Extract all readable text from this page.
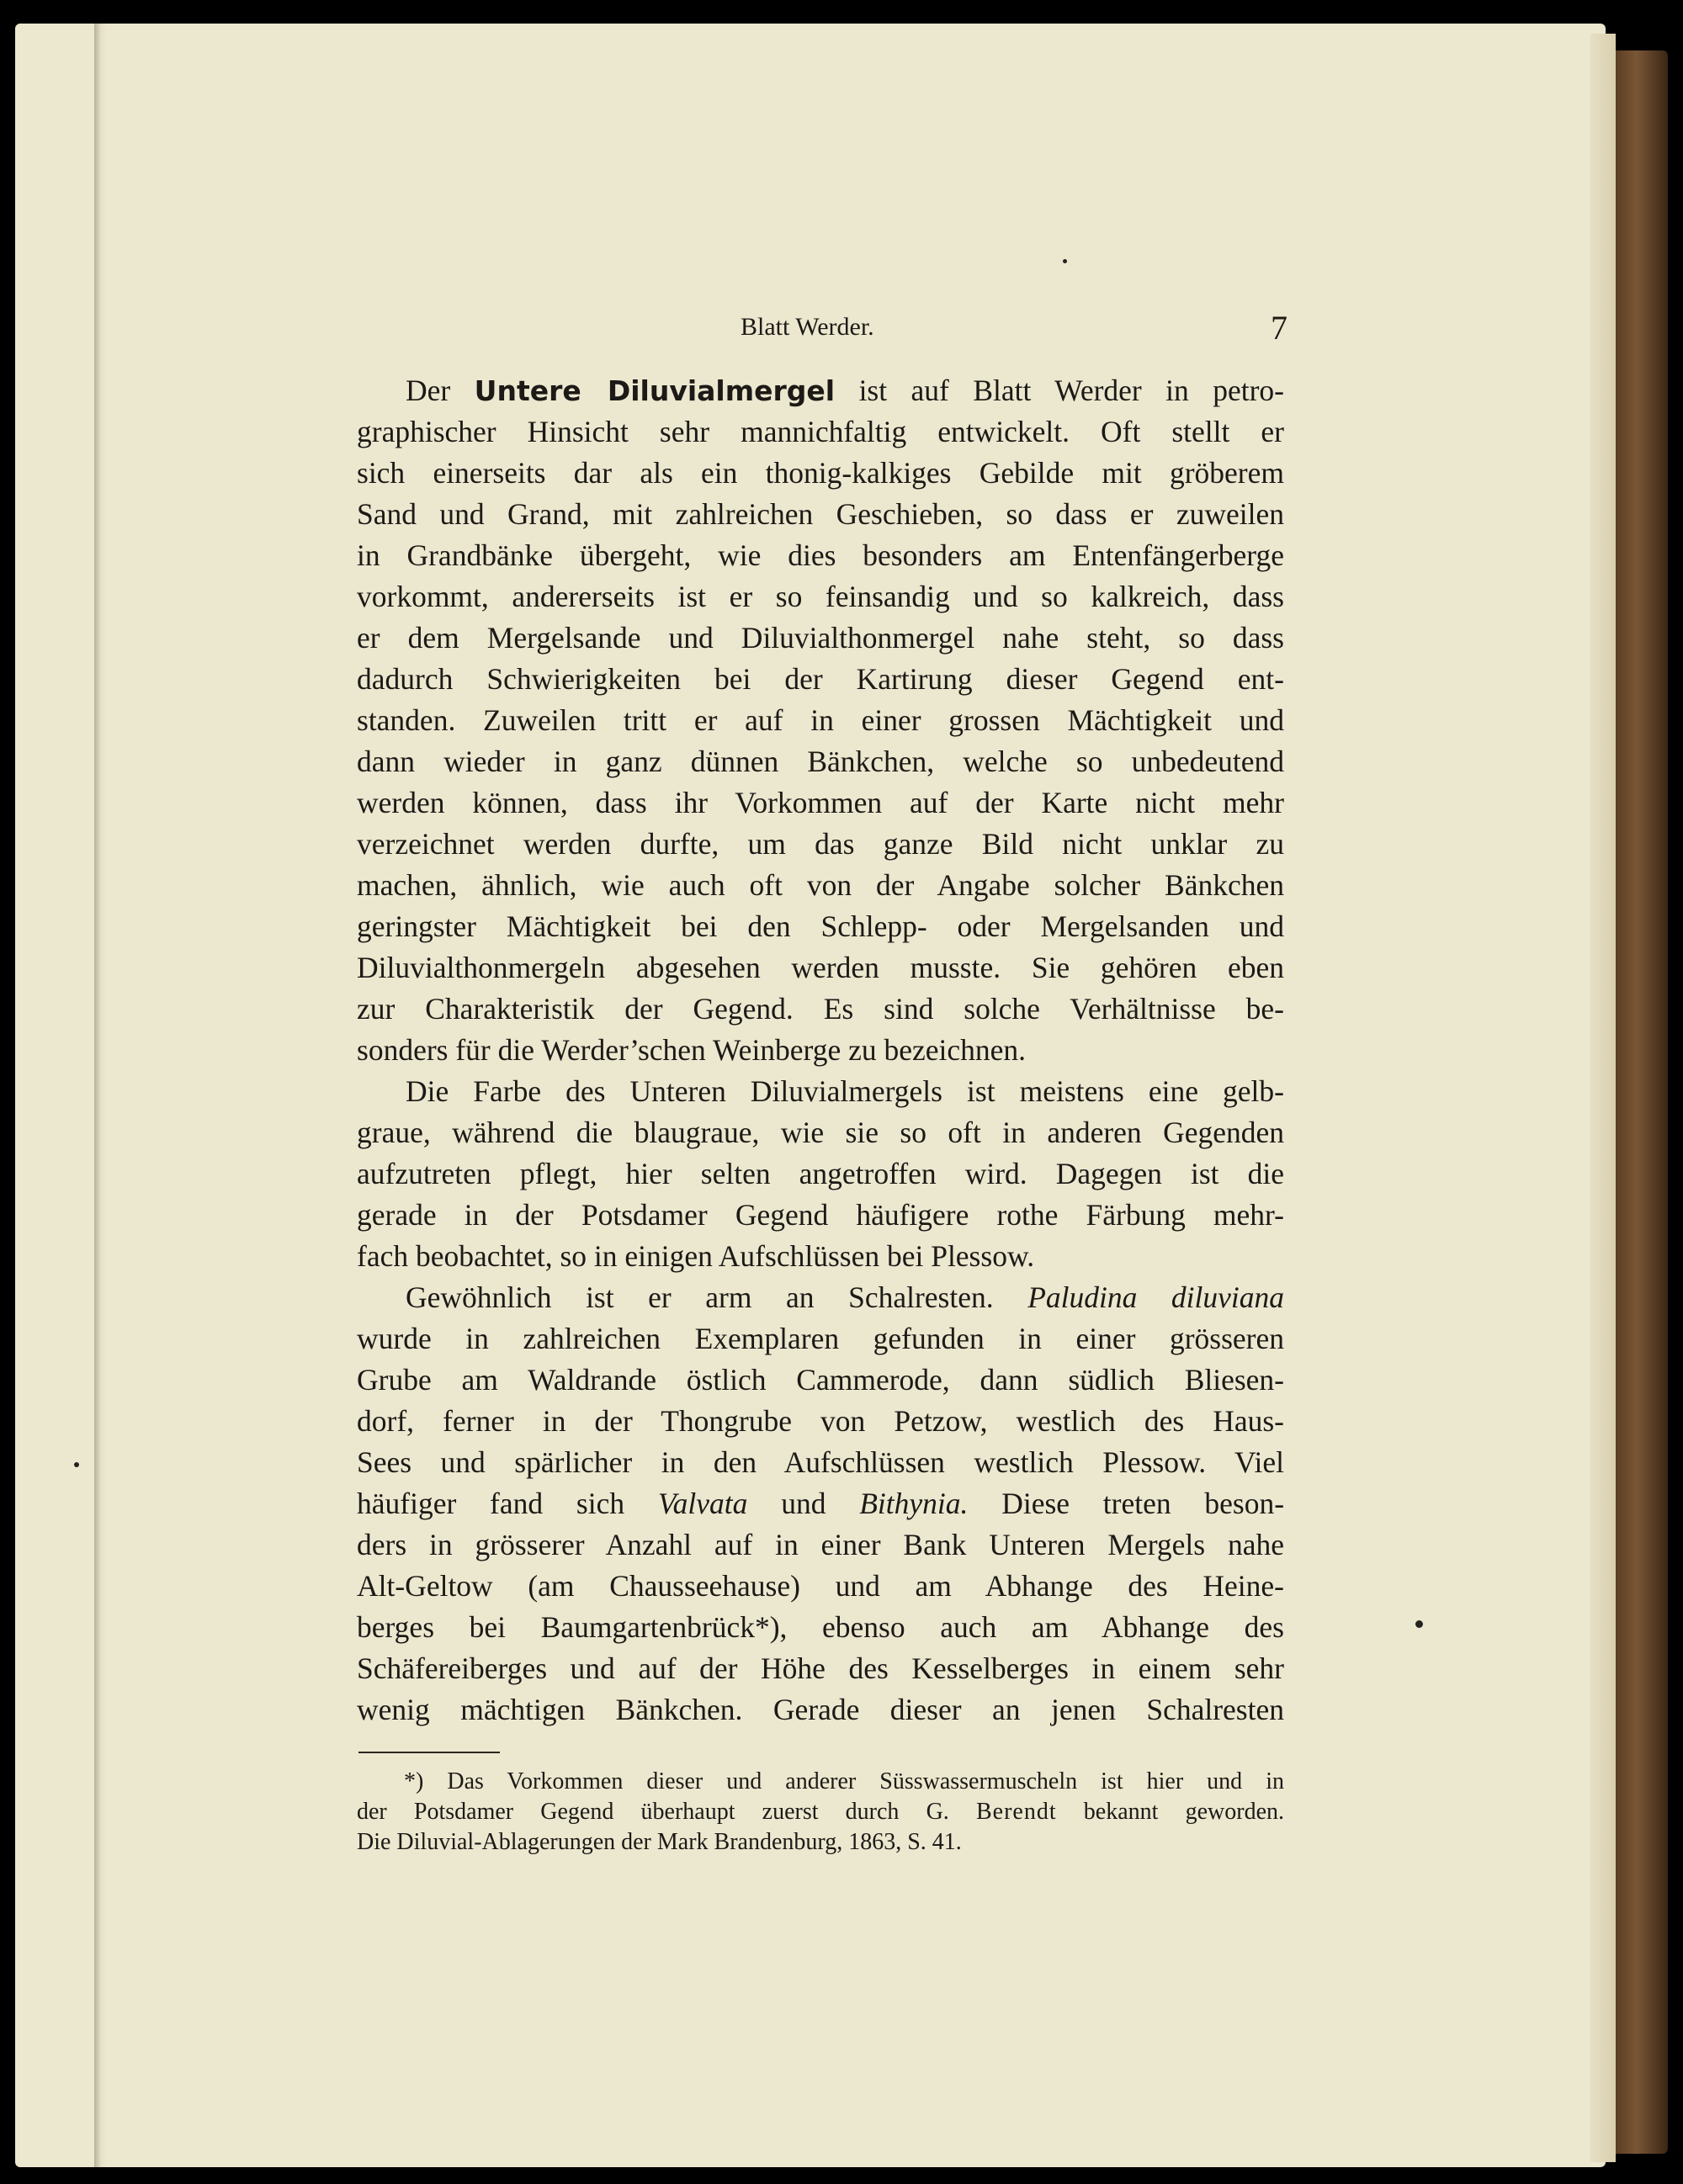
Blatt Werder.	7
Der Untere Diluvialmergel ist auf Blatt Werder in petro-
graphischer Hinsicht sehr mannichfaltig entwickelt. Oft stellt er
sich einerseits dar als ein thonig-kalkiges Gebilde mit gröberem
Sand und Grand, mit zahlreichen Geschieben, so dass er zuweilen
in Grandbänke übergeht, wie dies besonders am Entenfängerberge
vorkommt, andererseits ist er so feinsandig und so kalkreich, dass
er dem Mergelsande und Diluvialthonmergel nahe steht, so dass
dadurch Schwierigkeiten bei der Kartirung dieser Gegend ent-
standen. Zuweilen tritt er auf in einer grossen Mächtigkeit und
dann wieder in ganz dünnen Bänkchen, welche so unbedeutend
werden können, dass ihr Vorkommen auf der Karte nicht mehr
verzeichnet werden durfte, um das ganze Bild nicht unklar zu
machen, ähnlich, wie auch oft von der Angabe solcher Bänkchen
geringster Mächtigkeit bei den Schlepp- oder Mergelsanden und
Diluvialthonmergeln abgesehen werden musste. Sie gehören eben
zur Charakteristik der Gegend. Es sind solche Verhältnisse be-
sonders für die Werder’schen Weinberge zu bezeichnen.
Die Farbe des Unteren Diluvialmergels ist meistens eine gelb-
graue, während die blaugraue, wie sie so oft in anderen Gegenden
aufzutreten pflegt, hier selten angetroffen wird. Dagegen ist die
gerade in der Potsdamer Gegend häufigere rothe Färbung mehr-
fach beobachtet, so in einigen Aufschlüssen bei Plessow.
Gewöhnlich ist er arm an Schalresten. Paludina diluviana
wurde in zahlreichen Exemplaren gefunden in einer grösseren
Grube am Waldrande östlich Cammerode, dann südlich Bliesen-
dorf, ferner in der Thongrube von Petzow, westlich des Haus-
Sees und spärlicher in den Aufschlüssen westlich Plessow. Viel
häufiger fand sich Valvata und Bithynia. Diese treten beson-
ders in grösserer Anzahl auf in einer Bank Unteren Mergels nahe
Alt-Geltow (am Chausseehause) und am Abhange des Heine-
berges bei Baumgartenbrück*), ebenso auch am Abhange des
Schäfereiberges und auf der Höhe des Kesselberges in einem sehr
wenig mächtigen Bänkchen. Gerade dieser an jenen Schalresten
*) Das Vorkommen dieser und anderer Süsswassermuscheln ist hier und in
der Potsdamer Gegend überhaupt zuerst durch G. Berendt bekannt geworden.
Die Diluvial-Ablagerungen der Mark Brandenburg, 1863, S. 41.
